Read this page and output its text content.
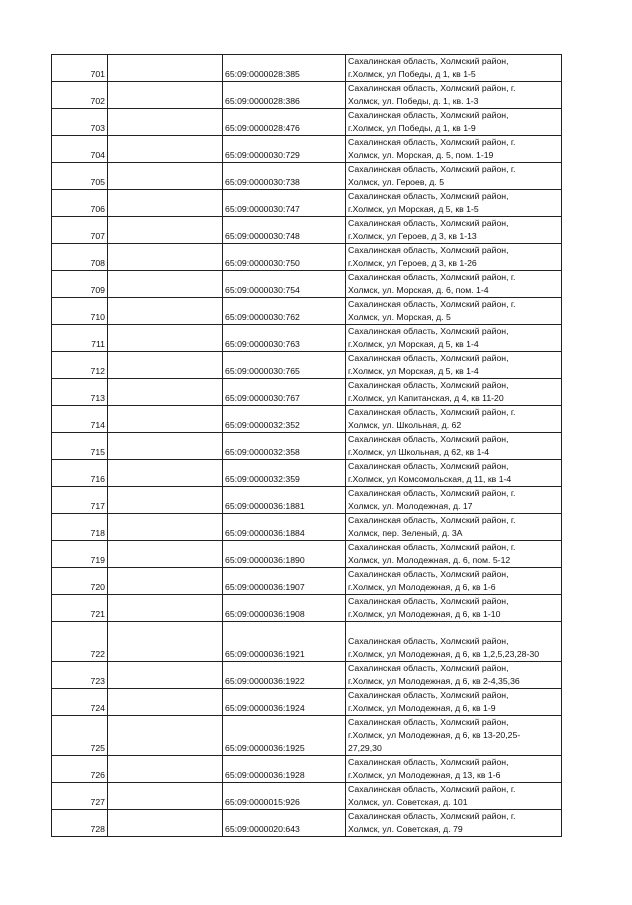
701		65:09:0000028:385	Сахалинская область, Холмский район,
г.Холмск, ул Победы, д 1, кв 1-5

702		65:09:0000028:386	Сахалинская область, Холмский район, г.
Холмск, ул. Победы, д. 1, кв. 1-3

703		65:09:0000028:476	Сахалинская область, Холмский район,
г.Холмск, ул Победы, д 1, кв 1-9

704		65:09:0000030:729	Сахалинская область, Холмский район, г.
Холмск, ул. Морская, д. 5, пом. 1-19

705		65:09:0000030:738	Сахалинская область, Холмский район, г.
Холмск, ул. Героев, д. 5

706		65:09:0000030:747	Сахалинская область, Холмский район,
г.Холмск, ул Морская, д 5, кв 1-5

707		65:09:0000030:748	Сахалинская область, Холмский район,
г.Холмск, ул Героев, д 3, кв 1-13

708		65:09:0000030:750	Сахалинская область, Холмский район,
г.Холмск, ул Героев, д 3, кв 1-26

709		65:09:0000030:754	Сахалинская область, Холмский район, г.
Холмск, ул. Морская, д. 6, пом. 1-4

710		65:09:0000030:762	Сахалинская область, Холмский район, г.
Холмск, ул. Морская, д. 5

711		65:09:0000030:763	Сахалинская область, Холмский район,
г.Холмск, ул Морская, д 5, кв 1-4

712		65:09:0000030:765	Сахалинская область, Холмский район,
г.Холмск, ул Морская, д 5, кв 1-4

713		65:09:0000030:767	Сахалинская область, Холмский район,
г.Холмск, ул Капитанская, д 4, кв 11-20

714		65:09:0000032:352	Сахалинская область, Холмский район, г.
Холмск, ул. Школьная, д. 62

715		65:09:0000032:358	Сахалинская область, Холмский район,
г.Холмск, ул Школьная, д 62, кв 1-4

716		65:09:0000032:359	Сахалинская область, Холмский район,
г.Холмск, ул Комсомольская, д 11, кв 1-4

717		65:09:0000036:1881	Сахалинская область, Холмский район, г.
Холмск, ул. Молодежная, д. 17

718		65:09:0000036:1884	Сахалинская область, Холмский район, г.
Холмск, пер. Зеленый, д. 3А

719		65:09:0000036:1890	Сахалинская область, Холмский район, г.
Холмск, ул. Молодежная, д. 6, пом. 5-12

720		65:09:0000036:1907	Сахалинская область, Холмский район,
г.Холмск, ул Молодежная, д 6, кв 1-6

721		65:09:0000036:1908	Сахалинская область, Холмский район,
г.Холмск, ул Молодежная, д 6, кв 1-10

722		65:09:0000036:1921	Сахалинская область, Холмский район,
г.Холмск, ул Молодежная, д 6, кв 1,2,5,23,28-30

723		65:09:0000036:1922	Сахалинская область, Холмский район,
г.Холмск, ул Молодежная, д 6, кв 2-4,35,36

724		65:09:0000036:1924	Сахалинская область, Холмский район,
г.Холмск, ул Молодежная, д 6, кв 1-9

725		65:09:0000036:1925	Сахалинская область, Холмский район,
г.Холмск, ул Молодежная, д 6, кв 13-20,25-
27,29,30

726		65:09:0000036:1928	Сахалинская область, Холмский район,
г.Холмск, ул Молодежная, д 13, кв 1-6

727		65:09:0000015:926	Сахалинская область, Холмский район, г.
Холмск, ул. Советская, д. 101

728		65:09:0000020:643	Сахалинская область, Холмский район, г.
Холмск, ул. Советская, д. 79
